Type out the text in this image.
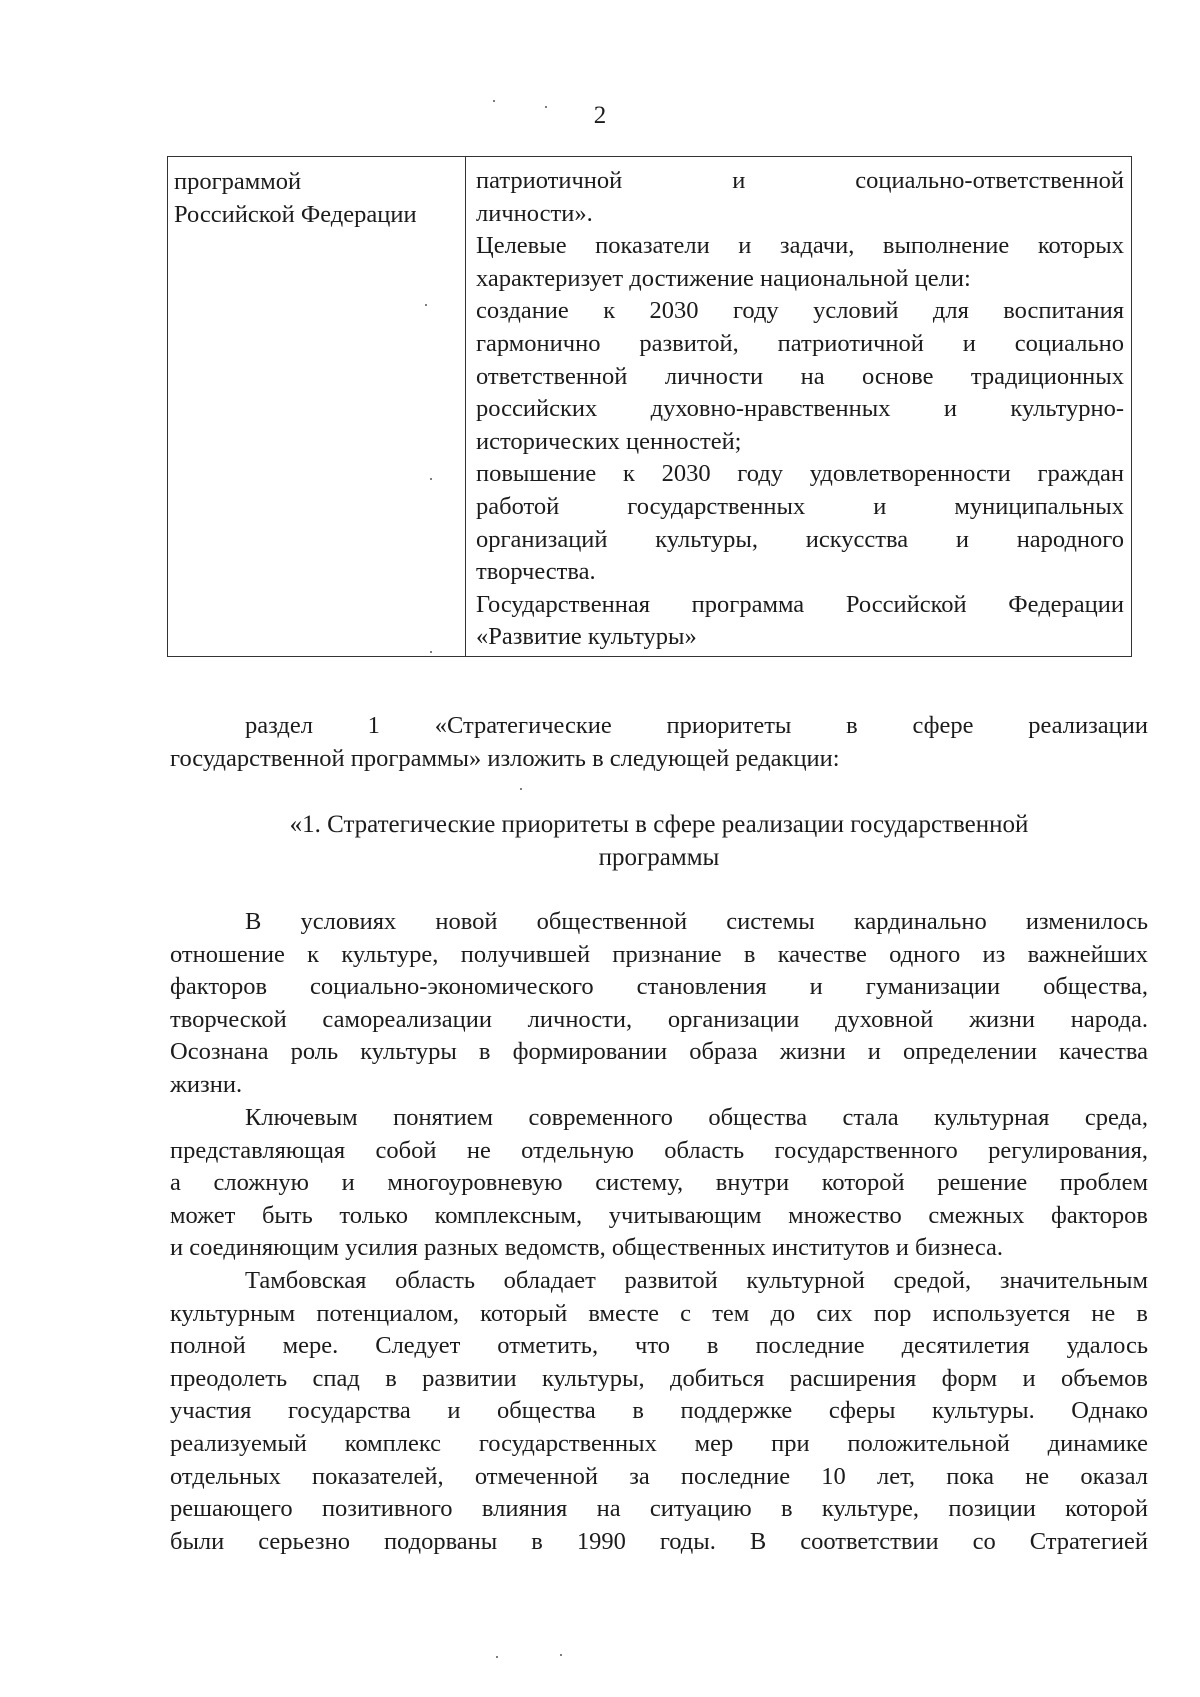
2
программой
Российской Федерации
патриотичной и социально-ответственной
личности».
Целевые показатели и задачи, выполнение которых
характеризует достижение национальной цели:
создание к 2030 году условий для воспитания
гармонично развитой, патриотичной и социально
ответственной личности на основе традиционных
российских духовно-нравственных и культурно-
исторических ценностей;
повышение к 2030 году удовлетворенности граждан
работой государственных и муниципальных
организаций культуры, искусства и народного
творчества.
Государственная программа Российской Федерации
«Развитие культуры»
раздел 1 «Стратегические приоритеты в сфере реализации
государственной программы» изложить в следующей редакции:
«1. Стратегические приоритеты в сфере реализации государственной
программы
В условиях новой общественной системы кардинально изменилось
отношение к культуре, получившей признание в качестве одного из важнейших
факторов социально-экономического становления и гуманизации общества,
творческой самореализации личности, организации духовной жизни народа.
Осознана роль культуры в формировании образа жизни и определении качества
жизни.
Ключевым понятием современного общества стала культурная среда,
представляющая собой не отдельную область государственного регулирования,
а сложную и многоуровневую систему, внутри которой решение проблем
может быть только комплексным, учитывающим множество смежных факторов
и соединяющим усилия разных ведомств, общественных институтов и бизнеса.
Тамбовская область обладает развитой культурной средой, значительным
культурным потенциалом, который вместе с тем до сих пор используется не в
полной мере. Следует отметить, что в последние десятилетия удалось
преодолеть спад в развитии культуры, добиться расширения форм и объемов
участия государства и общества в поддержке сферы культуры. Однако
реализуемый комплекс государственных мер при положительной динамике
отдельных показателей, отмеченной за последние 10 лет, пока не оказал
решающего позитивного влияния на ситуацию в культуре, позиции которой
были серьезно подорваны в 1990 годы. В соответствии со Стратегией
